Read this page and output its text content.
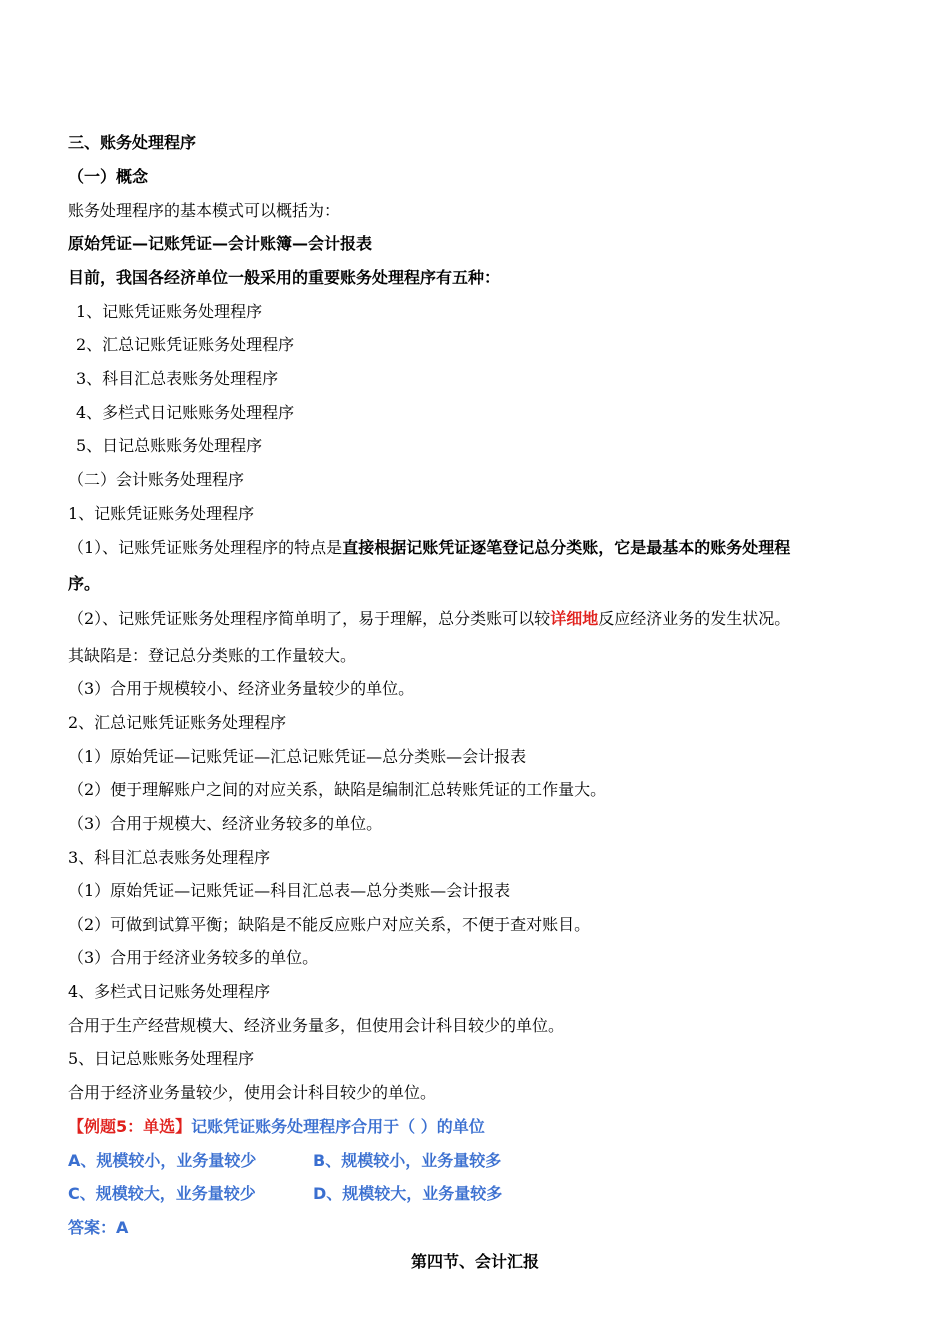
三、账务处理程序
（一）概念
账务处理程序的基本模式可以概括为：
原始凭证—记账凭证—会计账簿—会计报表
目前，我国各经济单位一般采用的重要账务处理程序有五种：
1、记账凭证账务处理程序
2、汇总记账凭证账务处理程序
3、科目汇总表账务处理程序
4、多栏式日记账账务处理程序
5、日记总账账务处理程序
（二）会计账务处理程序
1、记账凭证账务处理程序
（1）、记账凭证账务处理程序的特点是直接根据记账凭证逐笔登记总分类账，它是最基本的账务处理程
序。
（2）、记账凭证账务处理程序简单明了，易于理解，总分类账可以较详细地反应经济业务的发生状况。
其缺陷是：登记总分类账的工作量较大。
（3）合用于规模较小、经济业务量较少的单位。
2、汇总记账凭证账务处理程序
（1）原始凭证—记账凭证—汇总记账凭证—总分类账—会计报表
（2）便于理解账户之间的对应关系，缺陷是编制汇总转账凭证的工作量大。
（3）合用于规模大、经济业务较多的单位。
3、科目汇总表账务处理程序
（1）原始凭证—记账凭证—科目汇总表—总分类账—会计报表
（2）可做到试算平衡；缺陷是不能反应账户对应关系，不便于查对账目。
（3）合用于经济业务较多的单位。
4、多栏式日记账务处理程序
合用于生产经营规模大、经济业务量多，但使用会计科目较少的单位。
5、日记总账账务处理程序
合用于经济业务量较少，使用会计科目较少的单位。
【例题5：单选】记账凭证账务处理程序合用于（ ）的单位
A、规模较小，业务量较少	B、规模较小，业务量较多
C、规模较大，业务量较少	D、规模较大，业务量较多
答案：A
第四节、会计汇报
